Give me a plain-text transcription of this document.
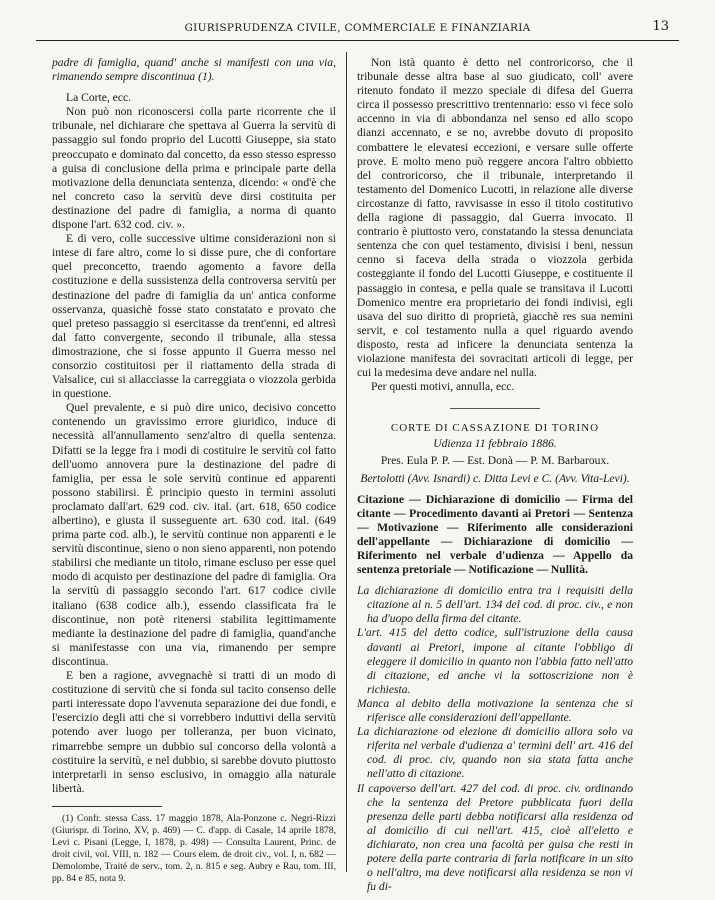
GIURISPRUDENZA CIVILE, COMMERCIALE E FINANZIARIA	13

padre di famiglia, quand' anche si manifesti con una via, rimanendo sempre discontinua (1).

La Corte, ecc.

Non può non riconoscersi colla parte ricorrente che il tribunale, nel dichiarare che spettava al Guerra la servitù di passaggio sul fondo proprio del Lucotti Giuseppe, sia stato preoccupato e dominato dal concetto, da esso stesso espresso a guisa di conclusione della prima e principale parte della motivazione della denunciata sentenza, dicendo: « ond'è che nel concreto caso la servitù deve dirsi costituita per destinazione del padre di famiglia, a norma di quanto dispone l'art. 632 cod. civ. ».

E di vero, colle successive ultime considerazioni non si intese di fare altro, come lo si disse pure, che di confortare quel preconcetto, traendo agomento a favore della costituzione e della sussistenza della controversa servitù per destinazione del padre di famiglia da un' antica conforme osservanza, quasichè fosse stato constatato e provato che quel preteso passaggio si esercitasse da trent'enni, ed altresì dal fatto convergente, secondo il tribunale, alla stessa dimostrazione, che si fosse appunto il Guerra messo nel consorzio costituitosi per il riattamento della strada di Valsalice, cui si allacciasse la carreggiata o viozzola gerbida in questione.

Quel prevalente, e si può dire unico, decisivo concetto contenendo un gravissimo errore giuridico, induce di necessità all'annullamento senz'altro di quella sentenza. Difatti se la legge fra i modi di costituire le servitù col fatto dell'uomo annovera pure la destinazione del padre di famiglia, per essa le sole servitù continue ed apparenti possono stabilirsi. È principio questo in termini assoluti proclamato dall'art. 629 cod. civ. ital. (art. 618, 650 codice albertino), e giusta il susseguente art. 630 cod. ital. (649 prima parte cod. alb.), le servitù continue non apparenti e le servitù discontinue, sieno o non sieno apparenti, non potendo stabilirsi che mediante un titolo, rimane escluso per esse quel modo di acquisto per destinazione del padre di famiglia. Ora la servitù di passaggio secondo l'art. 617 codice civile italiano (638 codice alb.), essendo classificata fra le discontinue, non potè ritenersi stabilita legittimamente mediante la destinazione del padre di famiglia, quand'anche si manifestasse con una via, rimanendo per sempre discontinua.

E ben a ragione, avvegnachè si tratti di un modo di costituzione di servitù che si fonda sul tacito consenso delle parti interessate dopo l'avvenuta separazione dei due fondi, e l'esercizio degli atti che si vorrebbero induttivi della servitù potendo aver luogo per tolleranza, per buon vicinato, rimarrebbe sempre un dubbio sul concorso della volontà a costituire la servitù, e nel dubbio, si sarebbe dovuto piuttosto interpretarli in senso esclusivo, in omaggio alla naturale libertà.

(1) Confr. stessa Cass. 17 maggio 1878, Ala-Ponzone c. Negri-Rizzi (Giurispr. di Torino, XV, p. 469) — C. d'app. di Casale, 14 aprile 1878, Levi c. Pisani (Legge, I, 1878, p. 498) — Consulta Laurent, Princ. de droit civil, vol. VIII, n. 182 — Cours elem. de droit civ., vol. I, n. 682 — Demolombe, Traité de serv., tom. 2, n. 815 e seg. Aubry e Rau, tom. III, pp. 84 e 85, nota 9.

Non istà quanto è detto nel controricorso, che il tribunale desse altra base al suo giudicato, coll' avere ritenuto fondato il mezzo speciale di difesa del Guerra circa il possesso prescrittivo trentennario: esso vi fece solo accenno in via di abbondanza nel senso ed allo scopo dianzi accennato, e se no, avrebbe dovuto di proposito combattere le elevatesi eccezioni, e versare sulle offerte prove. E molto meno può reggere ancora l'altro obbietto del controricorso, che il tribunale, interpretando il testamento del Domenico Lucotti, in relazione alle diverse circostanze di fatto, ravvisasse in esso il titolo costitutivo della ragione di passaggio, dal Guerra invocato. Il contrario è piuttosto vero, constatando la stessa denunciata sentenza che con quel testamento, divisisi i beni, nessun cenno si faceva della strada o viozzola gerbida costeggiante il fondo del Lucotti Giuseppe, e costituente il passaggio in contesa, e pella quale se transitava il Lucotti Domenico mentre era proprietario dei fondi indivisi, egli usava del suo diritto di proprietà, giacchè res sua nemini servit, e col testamento nulla a quel riguardo avendo disposto, resta ad inficere la denunciata sentenza la violazione manifesta dei sovracitati articoli di legge, per cui la medesima deve andare nel nulla.

Per questi motivi, annulla, ecc.

CORTE DI CASSAZIONE DI TORINO

Udienza 11 febbraio 1886.

Pres. Eula P. P. — Est. Donà — P. M. Barbaroux.

Bertolotti (Avv. Isnardi) c. Ditta Levi e C. (Avv. Vita-Levi).

Citazione — Dichiarazione di domicilio — Firma del citante — Procedimento davanti ai Pretori — Sentenza — Motivazione — Riferimento alle considerazioni dell'appellante — Dichiarazione di domicilio — Riferimento nel verbale d'udienza — Appello da sentenza pretoriale — Notificazione — Nullità.

La dichiarazione di domicilio entra tra i requisiti della citazione al n. 5 dell'art. 134 del cod. di proc. civ., e non ha d'uopo della firma del citante.

L'art. 415 del detto codice, sull'istruzione della causa davanti ai Pretori, impone al citante l'obbligo di eleggere il domicilio in quanto non l'abbia fatto nell'atto di citazione, ed anche vi la sottoscrizione non è richiesta.

Manca al debito della motivazione la sentenza che si riferisce alle considerazioni dell'appellante.

La dichiarazione od elezione di domicilio allora solo va riferita nel verbale d'udienza a' termini dell' art. 416 del cod. di proc. civ, quando non sia stata fatta anche nell'atto di citazione.

Il capoverso dell'art. 427 del cod. di proc. civ. ordinando che la sentenza del Pretore pubblicata fuori della presenza delle parti debba notificarsi alla residenza od al domicilio di cui nell'art. 415, cioè all'eletto e dichiarato, non crea una facoltà per guisa che resti in potere della parte contraria di farla notificare in un sito o nell'altro, ma deve notificarsi alla residenza se non vi fu di-
